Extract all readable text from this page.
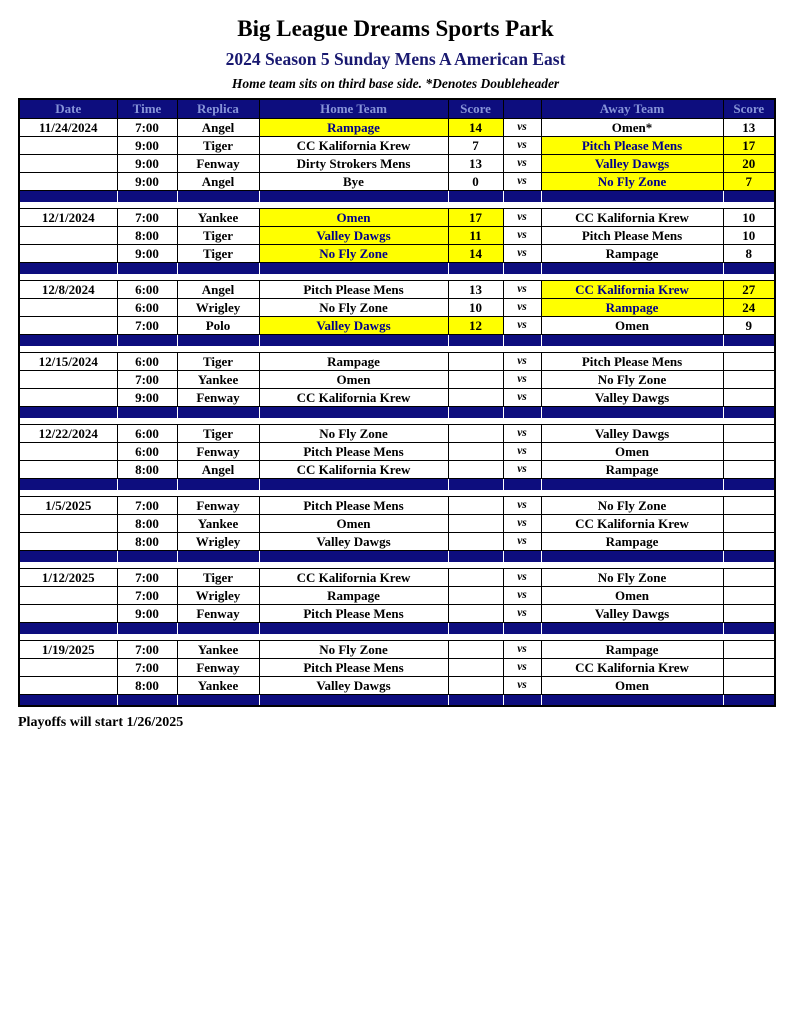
Big League Dreams Sports Park
2024 Season 5 Sunday Mens A American East
Home team sits on third base side. *Denotes Doubleheader
Date	Time	Replica	Home Team	Score		Away Team	Score
11/24/2024	7:00	Angel	Rampage	14	vs	Omen*	13
	9:00	Tiger	CC Kalifornia Krew	7	vs	Pitch Please Mens	17
	9:00	Fenway	Dirty Strokers Mens	13	vs	Valley Dawgs	20
	9:00	Angel	Bye	0	vs	No Fly Zone	7

12/1/2024	7:00	Yankee	Omen	17	vs	CC Kalifornia Krew	10
	8:00	Tiger	Valley Dawgs	11	vs	Pitch Please Mens	10
	9:00	Tiger	No Fly Zone	14	vs	Rampage	8

12/8/2024	6:00	Angel	Pitch Please Mens	13	vs	CC Kalifornia Krew	27
	6:00	Wrigley	No Fly Zone	10	vs	Rampage	24
	7:00	Polo	Valley Dawgs	12	vs	Omen	9

12/15/2024	6:00	Tiger	Rampage		vs	Pitch Please Mens	
	7:00	Yankee	Omen		vs	No Fly Zone	
	9:00	Fenway	CC Kalifornia Krew		vs	Valley Dawgs	

12/22/2024	6:00	Tiger	No Fly Zone		vs	Valley Dawgs	
	6:00	Fenway	Pitch Please Mens		vs	Omen	
	8:00	Angel	CC Kalifornia Krew		vs	Rampage	

1/5/2025	7:00	Fenway	Pitch Please Mens		vs	No Fly Zone	
	8:00	Yankee	Omen		vs	CC Kalifornia Krew	
	8:00	Wrigley	Valley Dawgs		vs	Rampage	

1/12/2025	7:00	Tiger	CC Kalifornia Krew		vs	No Fly Zone	
	7:00	Wrigley	Rampage		vs	Omen	
	9:00	Fenway	Pitch Please Mens		vs	Valley Dawgs	

1/19/2025	7:00	Yankee	No Fly Zone		vs	Rampage	
	7:00	Fenway	Pitch Please Mens		vs	CC Kalifornia Krew	
	8:00	Yankee	Valley Dawgs		vs	Omen	

Playoffs will start 1/26/2025
